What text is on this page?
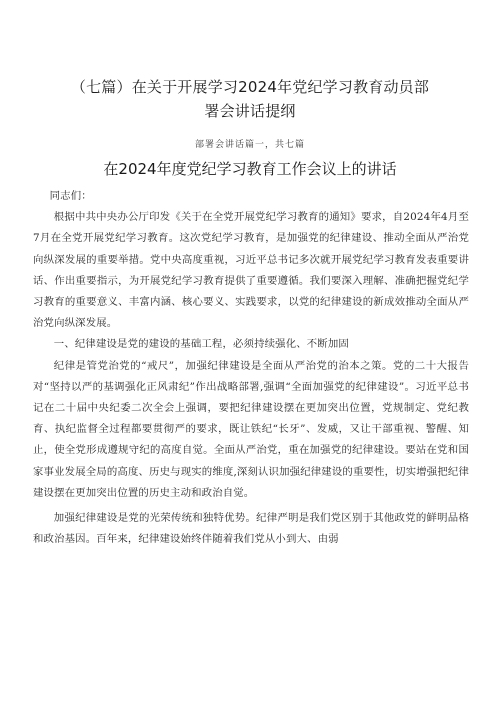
（七篇）在关于开展学习2024年党纪学习教育动员部
署会讲话提纲
部署会讲话篇一，共七篇
在2024年度党纪学习教育工作会议上的讲话

同志们：

根据中共中央办公厅印发《关于在全党开展党纪学习教育的通知》要求，自2024年4月至7月在全党开展党纪学习教育。这次党纪学习教育，是加强党的纪律建设、推动全面从严治党向纵深发展的重要举措。党中央高度重视，习近平总书记多次就开展党纪学习教育发表重要讲话、作出重要指示，为开展党纪学习教育提供了重要遵循。我们要深入理解、准确把握党纪学习教育的重要意义、丰富内涵、核心要义、实践要求，以党的纪律建设的新成效推动全面从严治党向纵深发展。

一、纪律建设是党的建设的基础工程，必须持续强化、不断加固

纪律是管党治党的“戒尺”，加强纪律建设是全面从严治党的治本之策。党的二十大报告对“坚持以严的基调强化正风肃纪”作出战略部署,强调“全面加强党的纪律建设”。习近平总书记在二十届中央纪委二次全会上强调，要把纪律建设摆在更加突出位置，党规制定、党纪教育、执纪监督全过程都要贯彻严的要求，既让铁纪“长牙”、发威，又让干部重视、警醒、知止，使全党形成遵规守纪的高度自觉。全面从严治党，重在加强党的纪律建设。要站在党和国家事业发展全局的高度、历史与现实的维度,深刻认识加强纪律建设的重要性，切实增强把纪律建设摆在更加突出位置的历史主动和政治自觉。

加强纪律建设是党的光荣传统和独特优势。纪律严明是我们党区别于其他政党的鲜明品格和政治基因。百年来，纪律建设始终伴随着我们党从小到大、由弱
